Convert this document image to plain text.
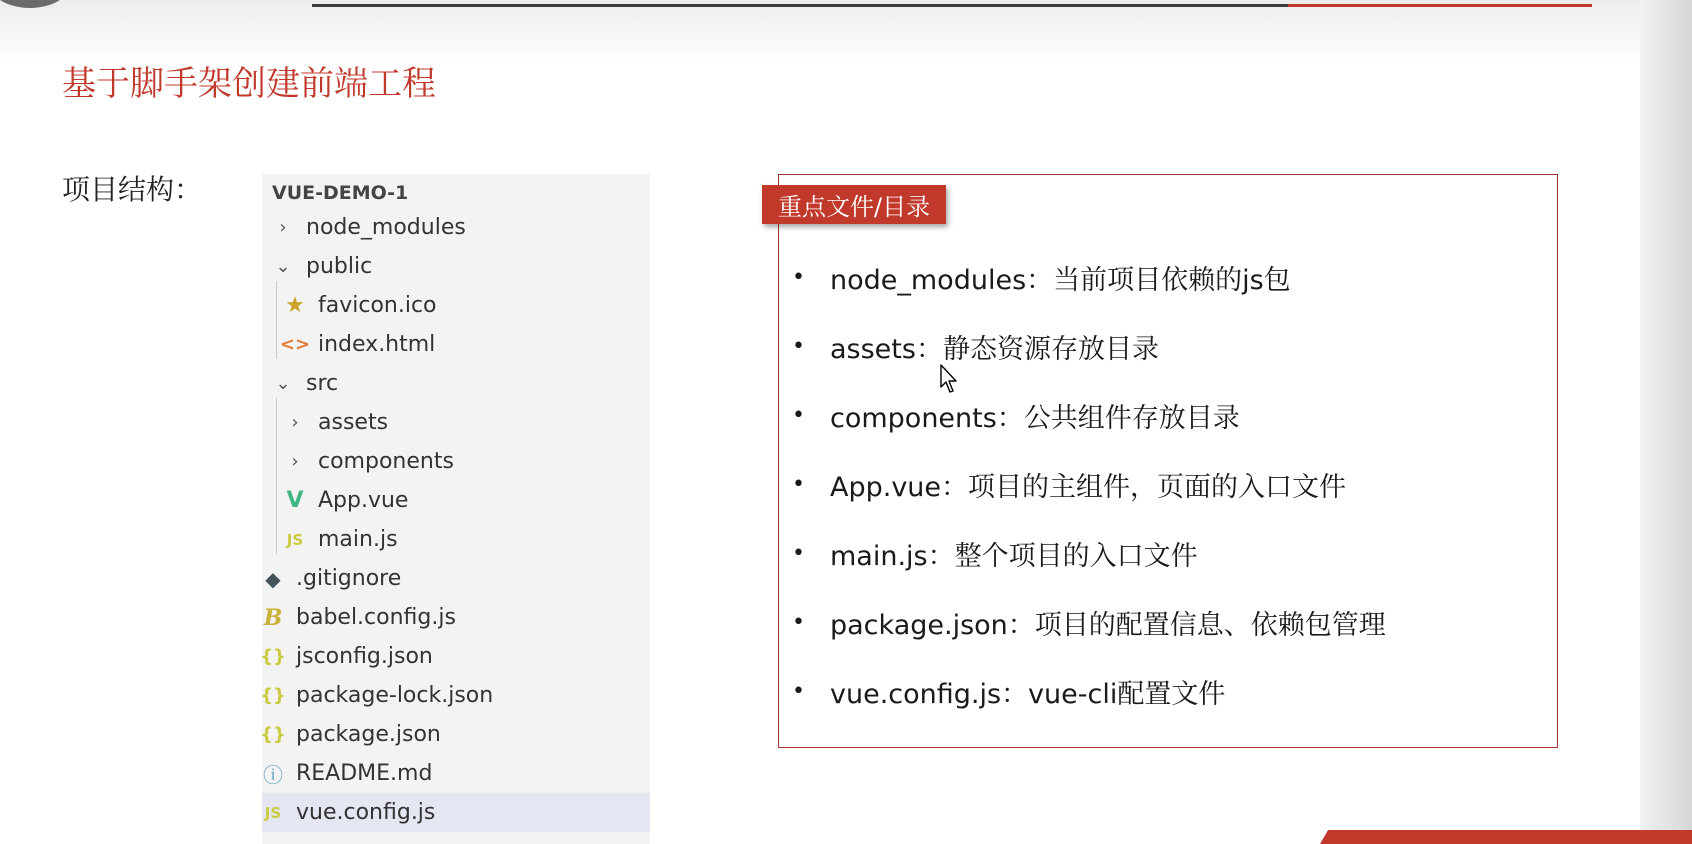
基于脚手架创建前端工程
项目结构：	VUE-DEMO-1
› node_modules
⌄ public
★ favicon.ico
<> index.html
⌄ src
› assets
› components
V App.vue
JS main.js
◆ .gitignore
B babel.config.js
{} jsconfig.json
{} package-lock.json
{} package.json
ⓘ README.md
JS vue.config.js
重点文件/目录
• node_modules：当前项目依赖的js包
• assets：静态资源存放目录
• components：公共组件存放目录
• App.vue：项目的主组件，页面的入口文件
• main.js：整个项目的入口文件
• package.json：项目的配置信息、依赖包管理
• vue.config.js：vue-cli配置文件
